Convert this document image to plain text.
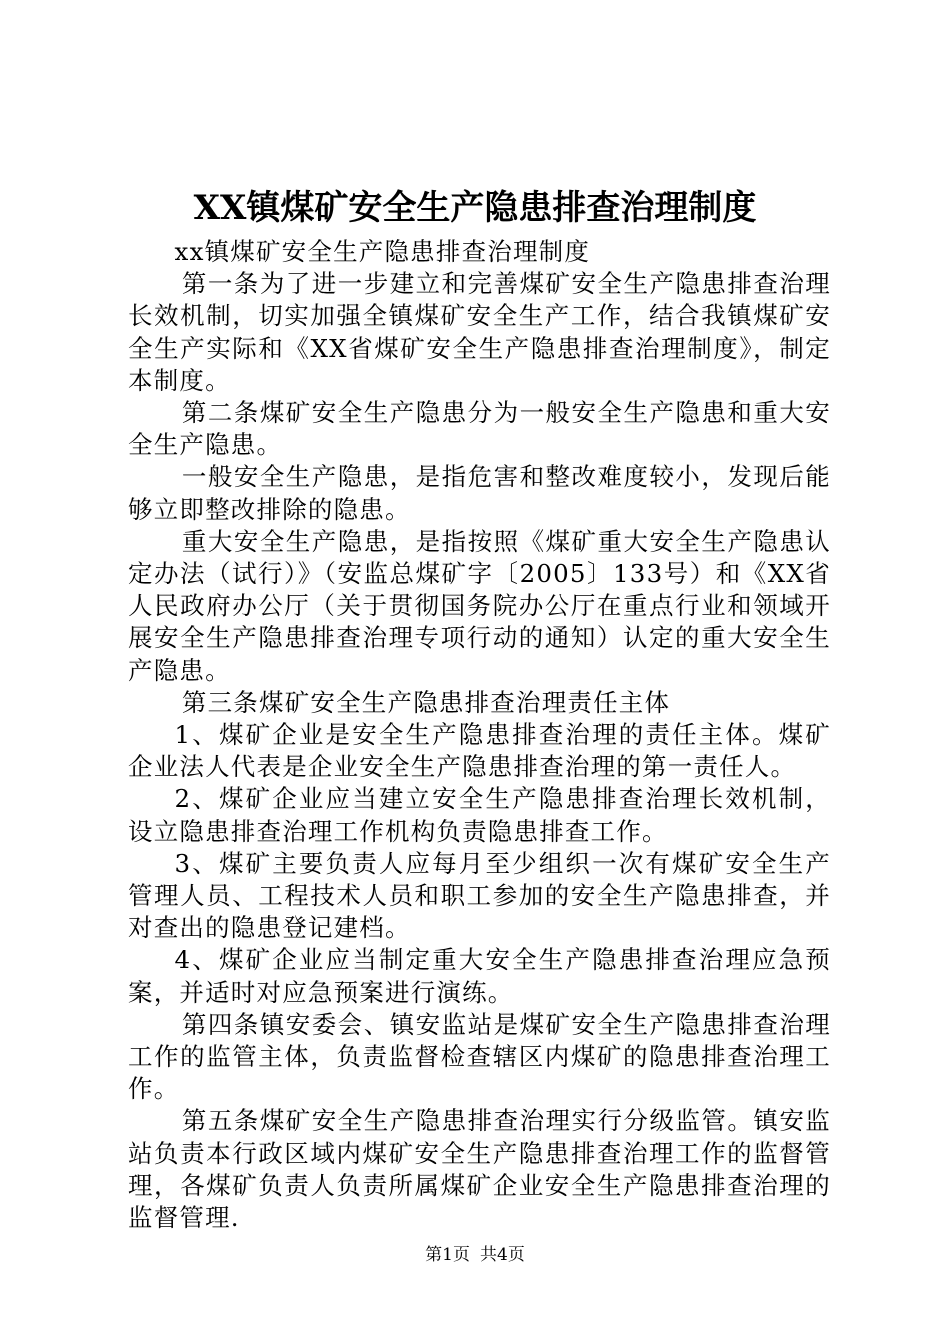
XX镇煤矿安全生产隐患排查治理制度

xx镇煤矿安全生产隐患排查治理制度

第一条为了进一步建立和完善煤矿安全生产隐患排查治理长效机制，切实加强全镇煤矿安全生产工作，结合我镇煤矿安全生产实际和《XX省煤矿安全生产隐患排查治理制度》，制定本制度。

第二条煤矿安全生产隐患分为一般安全生产隐患和重大安全生产隐患。

一般安全生产隐患，是指危害和整改难度较小，发现后能够立即整改排除的隐患。

重大安全生产隐患，是指按照《煤矿重大安全生产隐患认定办法（试行）》（安监总煤矿字〔2005〕133号）和《XX省人民政府办公厅（关于贯彻国务院办公厅在重点行业和领域开展安全生产隐患排查治理专项行动的通知）认定的重大安全生产隐患。

第三条煤矿安全生产隐患排查治理责任主体

1、煤矿企业是安全生产隐患排查治理的责任主体。煤矿企业法人代表是企业安全生产隐患排查治理的第一责任人。

2、煤矿企业应当建立安全生产隐患排查治理长效机制，设立隐患排查治理工作机构负责隐患排查工作。

3、煤矿主要负责人应每月至少组织一次有煤矿安全生产管理人员、工程技术人员和职工参加的安全生产隐患排查，并对查出的隐患登记建档。

4、煤矿企业应当制定重大安全生产隐患排查治理应急预案，并适时对应急预案进行演练。

第四条镇安委会、镇安监站是煤矿安全生产隐患排查治理工作的监管主体，负责监督检查辖区内煤矿的隐患排查治理工作。

第五条煤矿安全生产隐患排查治理实行分级监管。镇安监站负责本行政区域内煤矿安全生产隐患排查治理工作的监督管理，各煤矿负责人负责所属煤矿企业安全生产隐患排查治理的监督管理.

第1页 共4页
